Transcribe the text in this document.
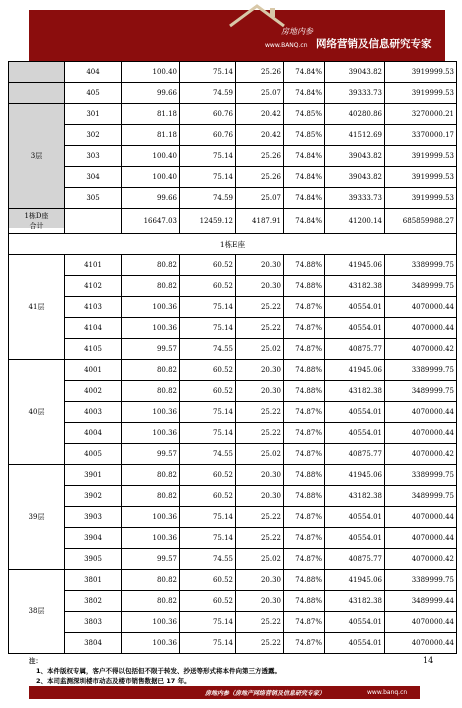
房地内参
www.BANQ.cn 网络营销及信息研究专家
	404	100.40	75.14	25.26	74.84%	39043.82	3919999.53
	405	99.66	74.59	25.07	74.84%	39333.73	3919999.53
3层	301	81.18	60.76	20.42	74.85%	40280.86	3270000.21
	302	81.18	60.76	20.42	74.85%	41512.69	3370000.17
	303	100.40	75.14	25.26	74.84%	39043.82	3919999.53
	304	100.40	75.14	25.26	74.84%	39043.82	3919999.53
	305	99.66	74.59	25.07	74.84%	39333.73	3919999.53

1栋D座
合计		16647.03	12459.12	4187.91	74.84%	41200.14	685859988.27
1栋E座							
41层	4101	80.82	60.52	20.30	74.88%	41945.06	3389999.75
	4102	80.82	60.52	20.30	74.88%	43182.38	3489999.75
	4103	100.36	75.14	25.22	74.87%	40554.01	4070000.44
	4104	100.36	75.14	25.22	74.87%	40554.01	4070000.44
	4105	99.57	74.55	25.02	74.87%	40875.77	4070000.42
40层	4001	80.82	60.52	20.30	74.88%	41945.06	3389999.75
	4002	80.82	60.52	20.30	74.88%	43182.38	3489999.75
	4003	100.36	75.14	25.22	74.87%	40554.01	4070000.44
	4004	100.36	75.14	25.22	74.87%	40554.01	4070000.44
	4005	99.57	74.55	25.02	74.87%	40875.77	4070000.42
39层	3901	80.82	60.52	20.30	74.88%	41945.06	3389999.75
	3902	80.82	60.52	20.30	74.88%	43182.38	3489999.75
	3903	100.36	75.14	25.22	74.87%	40554.01	4070000.44
	3904	100.36	75.14	25.22	74.87%	40554.01	4070000.44
	3905	99.57	74.55	25.02	74.87%	40875.77	4070000.42
38层	3801	80.82	60.52	20.30	74.88%	41945.06	3389999.75
	3802	80.82	60.52	20.30	74.88%	43182.38	3489999.44
	3803	100.36	75.14	25.22	74.87%	40554.01	4070000.44
	3804	100.36	75.14	25.22	74.87%	40554.01	4070000.44
注：
1、本件版权专属，客户不得以包括但不限于转发、抄送等形式将本件向第三方透露。
2、本司监测深圳楼市动态及楼市销售数据已 17 年。
14
房地内参（房地产网络营销及信息研究专家）	www.banq.cn
